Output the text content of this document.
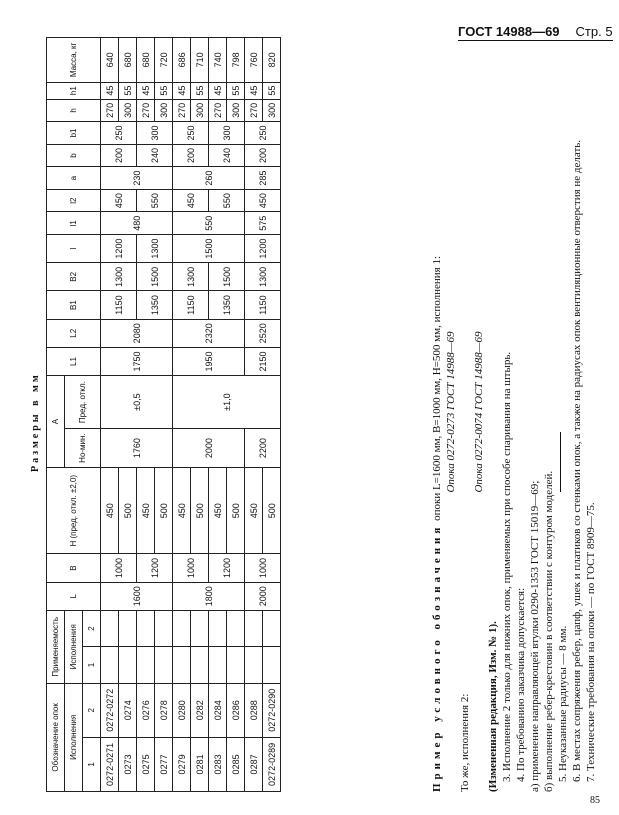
ГОСТ 14988—69 Стр. 5
Размеры в мм
Обозначение опок		Применяемость		L	B	H (пред. откл. ±2,0)	A		L1	L2	B1	B2	l	l1	l2	a	b	b1	h	h1	Масса, кг
Исполнения		Исполнения					Но-мин.	Пред. откл.													
1	2	1	2																		
0272-0271	0272-0272			1600	1000	450	1760	±0,5	1750	2080	1150	1300	1200	480	450	230	200	250	270	45	640
0273	0274					500													300	55	680
0275	0276				1200	450					1350	1500	1300		550		240	300	270	45	680
0277	0278					500													300	55	720
0279	0280			1800	1000	450	2000	±1,0	1950	2320	1150	1300	1500	550	450	260	200	250	270	45	686
0281	0282					500													300	55	710
0283	0284				1200	450					1350	1500			550		240	300	270	45	740
0285	0286					500													300	55	798
0287	0288			2000	1000	450	2200		2150	2520	1150	1300	1200	575	450	285	200	250	270	45	760
0272-0289	0272-0290					500													300	55	820

Пример условного обозначения опоки L=1600 мм, B=1000 мм, H=500 мм, исполнения 1: Опока 0272-0273 ГОСТ 14988—69

То же, исполнения 2:

Опока 0272-0074 ГОСТ 14988—69

(Измененная редакция, Изм. № 1). 3. Исполнение 2 только для нижних опок, применяемых при способе спаривания на штырь. 4. По требованию заказчика допускается: а) применение направляющей втулки 0290-1353 ГОСТ 15019—69; б) выполнение ребер-крестовин в соответствии с контуром моделей. 5. Неуказанные радиусы — 8 мм. 6. В местах сопряжения ребер, цапф, ушек и платиков со стенками опок, а также на радиусах опок вентиляционные отверстия не делать. 7. Технические требования на опоки — по ГОСТ 8909—75.

85
